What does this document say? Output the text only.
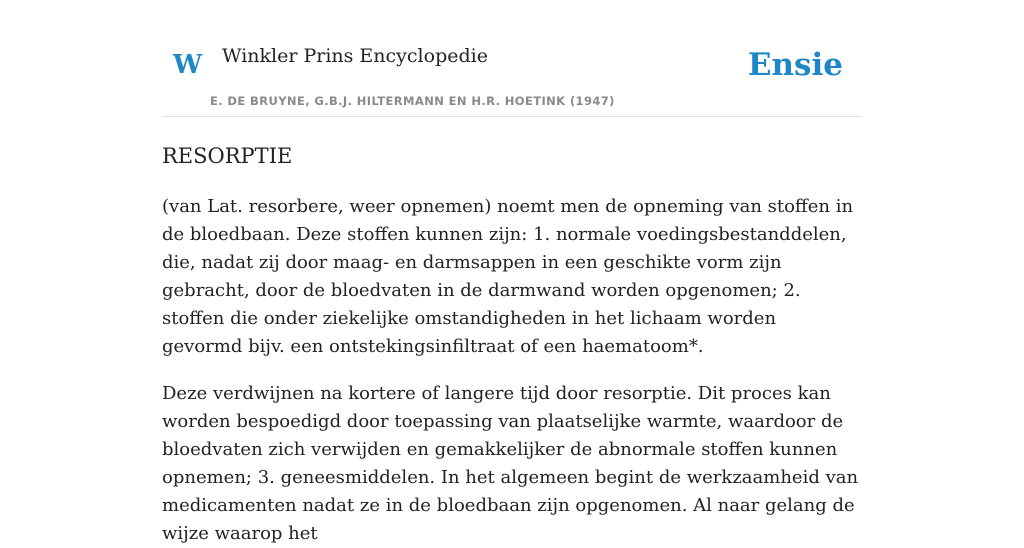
W Winkler Prins Encyclopedie
E. DE BRUYNE, G.B.J. HILTERMANN EN H.R. HOETINK (1947)
Ensie
RESORPTIE

(van Lat. resorbere, weer opnemen) noemt men de opneming van stoffen in de bloedbaan. Deze stoffen kunnen zijn: 1. normale voedingsbestanddelen, die, nadat zij door maag- en darmsappen in een geschikte vorm zijn gebracht, door de bloedvaten in de darmwand worden opgenomen; 2. stoffen die onder ziekelijke omstandigheden in het lichaam worden gevormd bijv. een ontstekingsinfiltraat of een haematoom*.

Deze verdwijnen na kortere of langere tijd door resorptie. Dit proces kan worden bespoedigd door toepassing van plaatselijke warmte, waardoor de bloedvaten zich verwijden en gemakkelijker de abnormale stoffen kunnen opnemen; 3. geneesmiddelen. In het algemeen begint de werkzaamheid van medicamenten nadat ze in de bloedbaan zijn opgenomen. Al naar gelang de wijze waarop het
